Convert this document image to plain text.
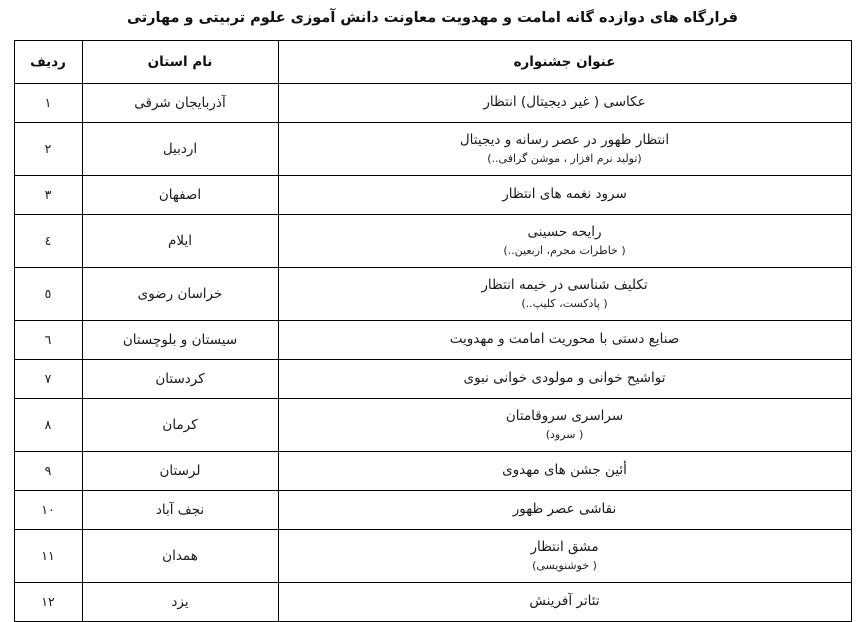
قرارگاه های دوازده گانه امامت و مهدویت معاونت دانش آموزی علوم تربیتی و مهارتی
عنوان جشنواره	نام استان	ردیف
عکاسی ( غیر دیجیتال) انتظار	آذربایجان شرقی	۱
انتظار ظهور در عصر رسانه و دیجیتال
(تولید نرم افزار ، موشن گرافی..)	اردبیل	۲
سرود نغمه های انتظار	اصفهان	۳
رایحه حسینی
( خاطرات محرم، اربعین..)	ایلام	٤
تکلیف شناسی در خیمه انتظار
( پادکست، کلیپ..)	خراسان رضوی	٥
صنایع دستی با محوریت امامت و مهدویت	سیستان و بلوچستان	٦
تواشیح خوانی و مولودی خوانی نبوی	کردستان	۷
سراسری سروقامتان
( سرود)	کرمان	۸
أئین جشن های مهدوی	لرستان	۹
نقاشی عصر ظهور	نجف آباد	۱۰
مشق انتظار
( خوشنویسی)	همدان	۱۱
تئاتر آفرینش	یزد	۱۲
